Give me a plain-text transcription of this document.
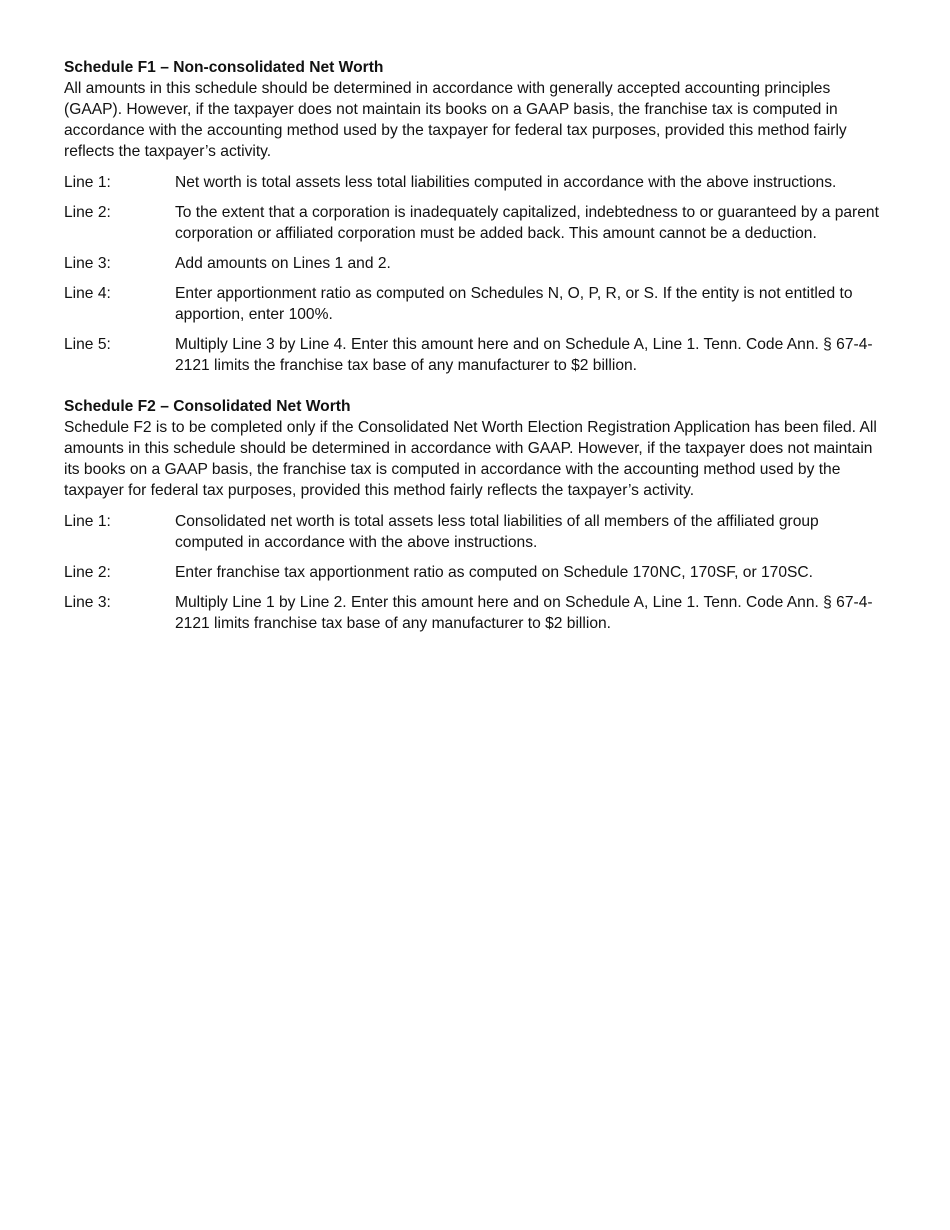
Schedule F1 – Non-consolidated Net Worth

All amounts in this schedule should be determined in accordance with generally accepted accounting principles (GAAP). However, if the taxpayer does not maintain its books on a GAAP basis, the franchise tax is computed in accordance with the accounting method used by the taxpayer for federal tax purposes, provided this method fairly reflects the taxpayer’s activity.

Line 1:	Net worth is total assets less total liabilities computed in accordance with the above instructions.
Line 2:	To the extent that a corporation is inadequately capitalized, indebtedness to or guaranteed by a parent corporation or affiliated corporation must be added back. This amount cannot be a deduction.
Line 3:	Add amounts on Lines 1 and 2.
Line 4:	Enter apportionment ratio as computed on Schedules N, O, P, R, or S. If the entity is not entitled to apportion, enter 100%.
Line 5:	Multiply Line 3 by Line 4. Enter this amount here and on Schedule A, Line 1. Tenn. Code Ann. § 67-4- 2121 limits the franchise tax base of any manufacturer to $2 billion.
Schedule F2 – Consolidated Net Worth

Schedule F2 is to be completed only if the Consolidated Net Worth Election Registration Application has been filed. All amounts in this schedule should be determined in accordance with GAAP. However, if the taxpayer does not maintain its books on a GAAP basis, the franchise tax is computed in accordance with the accounting method used by the taxpayer for federal tax purposes, provided this method fairly reflects the taxpayer’s activity.

Line 1:	Consolidated net worth is total assets less total liabilities of all members of the affiliated group computed in accordance with the above instructions.
Line 2:	Enter franchise tax apportionment ratio as computed on Schedule 170NC, 170SF, or 170SC.
Line 3:	Multiply Line 1 by Line 2. Enter this amount here and on Schedule A, Line 1. Tenn. Code Ann. § 67-4- 2121 limits franchise tax base of any manufacturer to $2 billion.
